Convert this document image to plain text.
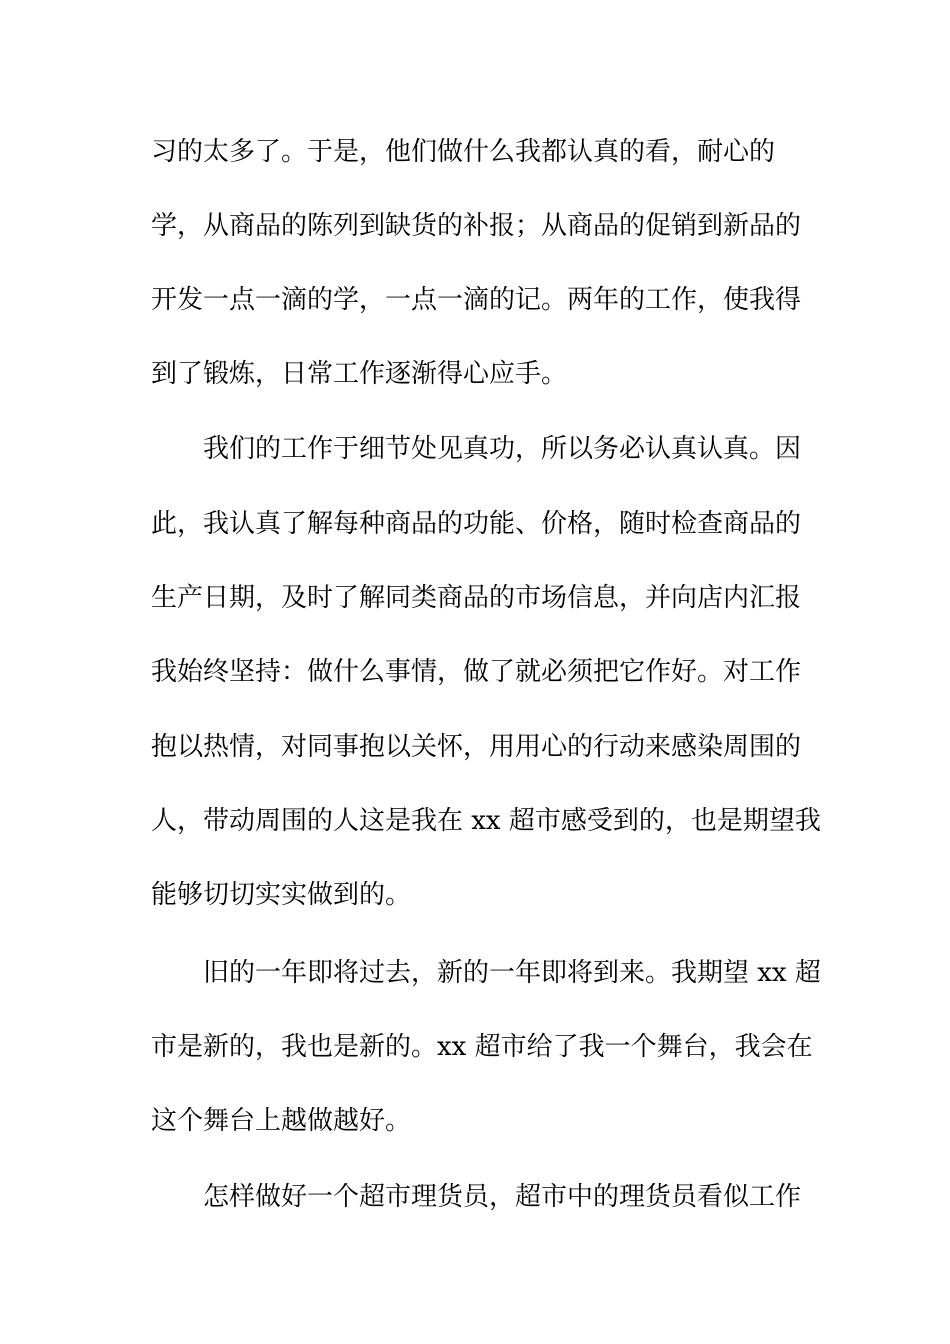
习的太多了。于是，他们做什么我都认真的看，耐心的
学，从商品的陈列到缺货的补报；从商品的促销到新品的
开发一点一滴的学，一点一滴的记。两年的工作，使我得
到了锻炼，日常工作逐渐得心应手。
我们的工作于细节处见真功，所以务必认真认真。因
此，我认真了解每种商品的功能、价格，随时检查商品的
生产日期，及时了解同类商品的市场信息，并向店内汇报
我始终坚持：做什么事情，做了就必须把它作好。对工作
抱以热情，对同事抱以关怀，用用心的行动来感染周围的
人，带动周围的人这是我在 xx 超市感受到的，也是期望我
能够切切实实做到的。
旧的一年即将过去，新的一年即将到来。我期望 xx 超
市是新的，我也是新的。xx 超市给了我一个舞台，我会在
这个舞台上越做越好。
怎样做好一个超市理货员，超市中的理货员看似工作
